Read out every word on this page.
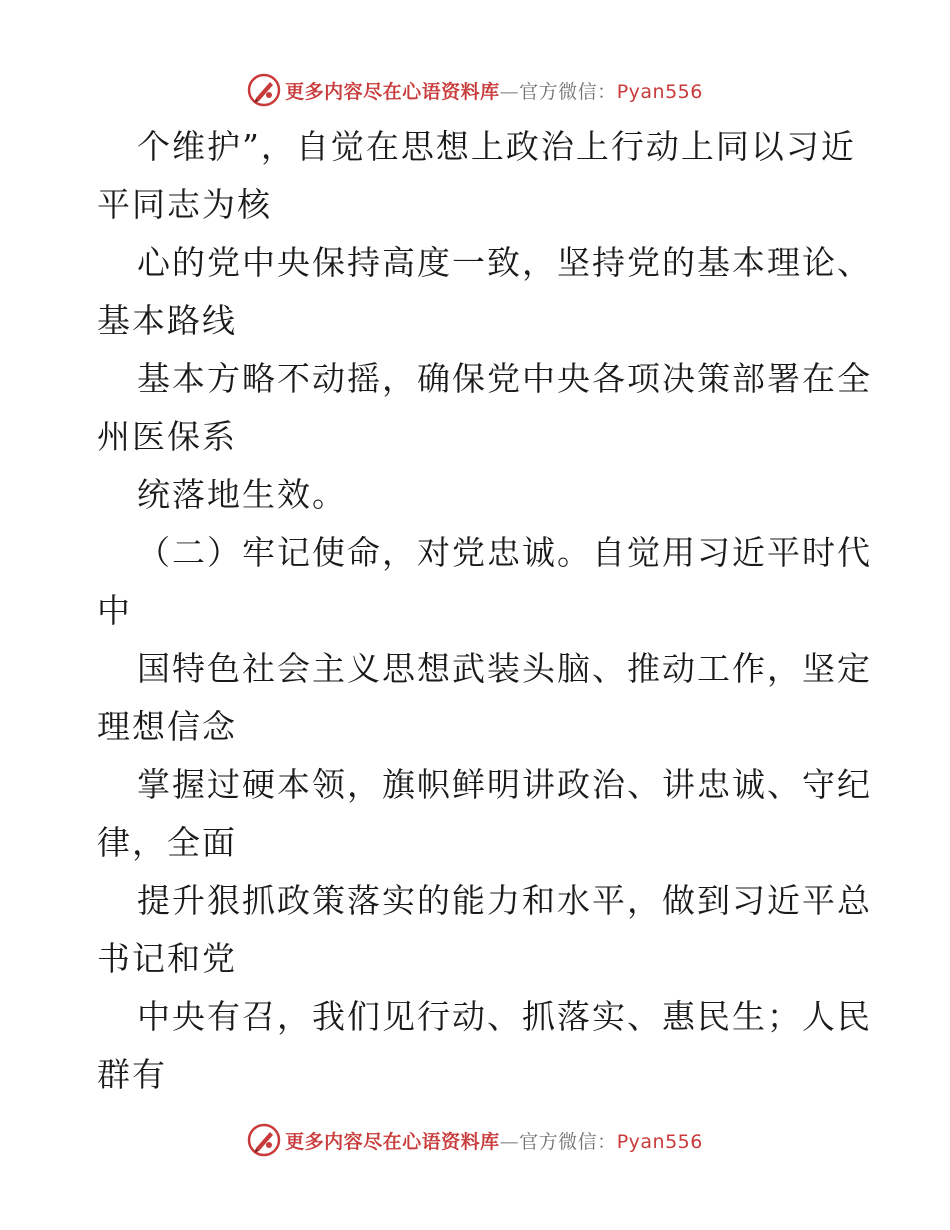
更多内容尽在心语资料库—官方微信：Pyan556
个维护”，自觉在思想上政治上行动上同以习近
平同志为核
心的党中央保持高度一致，坚持党的基本理论、
基本路线
基本方略不动摇，确保党中央各项决策部署在全
州医保系
统落地生效。
（二）牢记使命，对党忠诚。自觉用习近平时代
中
国特色社会主义思想武装头脑、推动工作，坚定
理想信念
掌握过硬本领，旗帜鲜明讲政治、讲忠诚、守纪
律，全面
提升狠抓政策落实的能力和水平，做到习近平总
书记和党
中央有召，我们见行动、抓落实、惠民生；人民
群有
更多内容尽在心语资料库—官方微信：Pyan556
